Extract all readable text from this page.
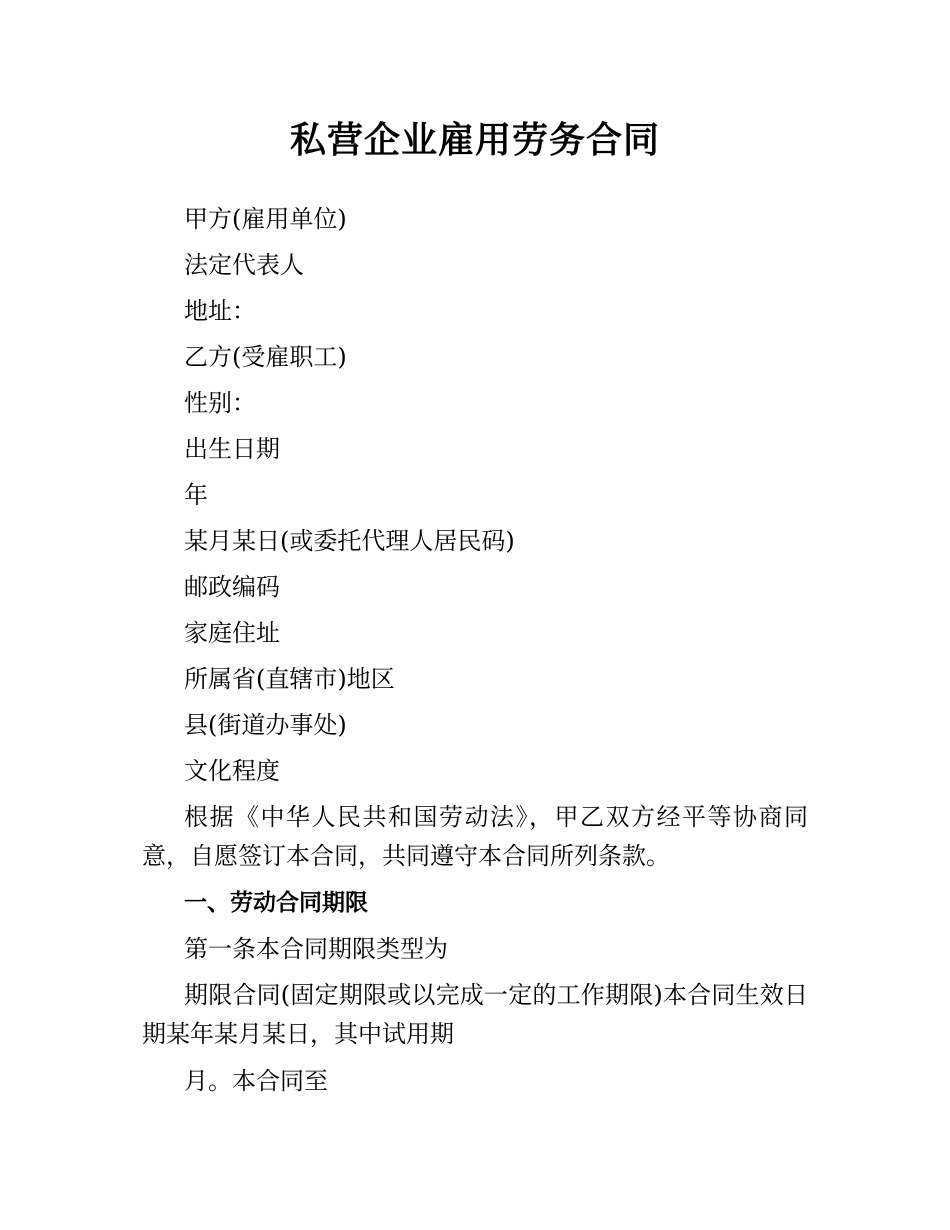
私营企业雇用劳务合同

甲方(雇用单位)

法定代表人

地址：

乙方(受雇职工)

性别：

出生日期

年

某月某日(或委托代理人居民码)

邮政编码

家庭住址

所属省(直辖市)地区

县(街道办事处)

文化程度

根据《中华人民共和国劳动法》，甲乙双方经平等协商同意，自愿签订本合同，共同遵守本合同所列条款。

一、劳动合同期限

第一条本合同期限类型为

期限合同(固定期限或以完成一定的工作期限)本合同生效日期某年某月某日，其中试用期

月。本合同至
